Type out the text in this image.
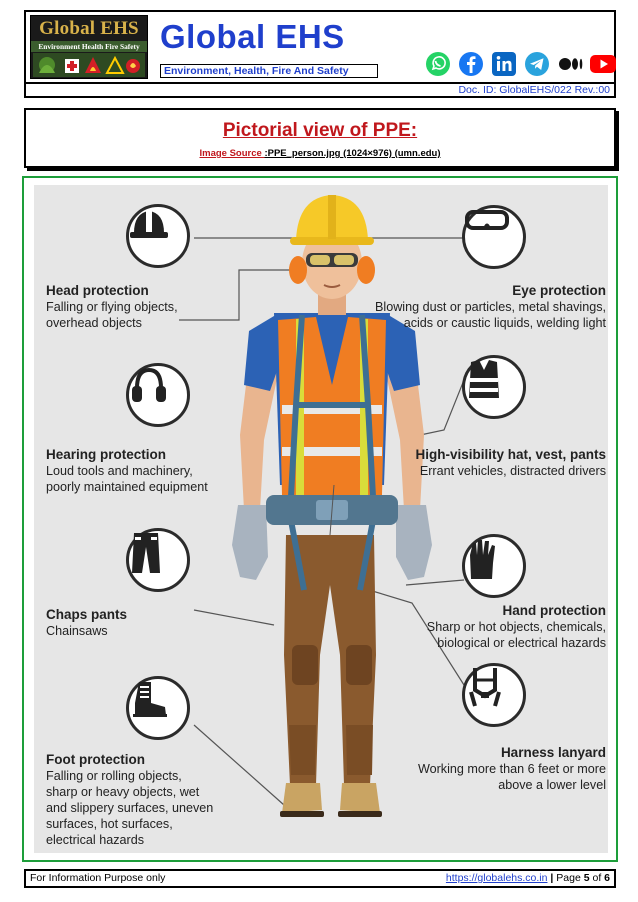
Global EHS
Environment Health Fire Safety Global EHS
Environment, Health, Fire And Safety
Doc. ID: GlobalEHS/022 Rev.:00
Pictorial view of PPE:
Image Source :PPE_person.jpg (1024×976) (umn.edu)
Head protection
Falling or flying objects,
overhead objects
Eye protection
Blowing dust or particles, metal shavings,
acids or caustic liquids, welding light
Hearing protection
Loud tools and machinery,
poorly maintained equipment
High-visibility hat, vest, pants
Errant vehicles, distracted drivers
Chaps pants
Chainsaws
Hand protection
Sharp or hot objects, chemicals,
biological or electrical hazards
Foot protection
Falling or rolling objects,
sharp or heavy objects, wet
and slippery surfaces, uneven
surfaces, hot surfaces,
electrical hazards
Harness lanyard
Working more than 6 feet or more
above a lower level
For Information Purpose only	https://globalehs.co.in | Page 5 of 6
